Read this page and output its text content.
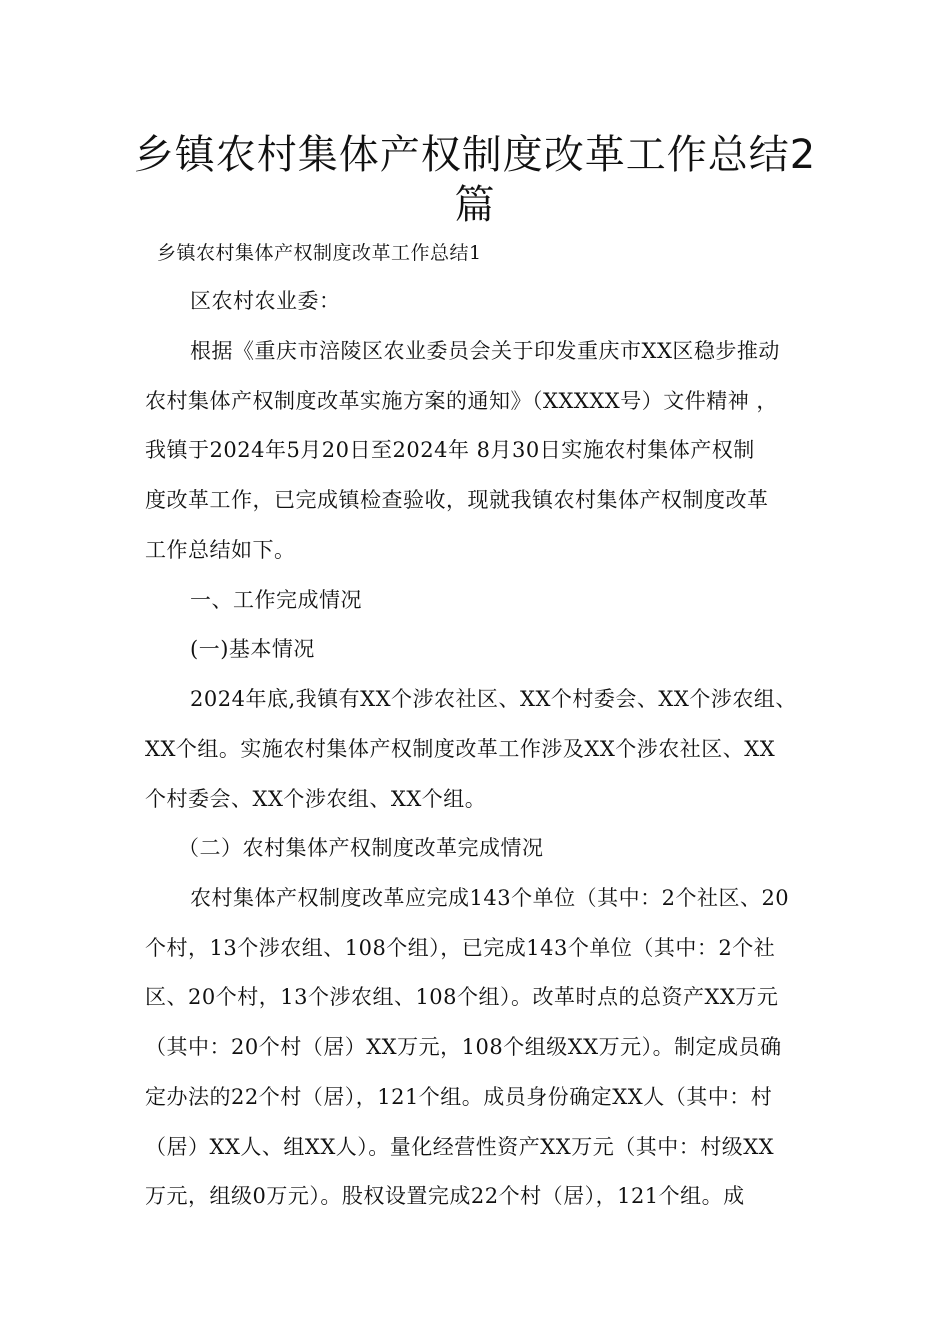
乡镇农村集体产权制度改革工作总结2
篇

乡镇农村集体产权制度改革工作总结1

区农村农业委：

根据《重庆市涪陵区农业委员会关于印发重庆市XX区稳步推动

农村集体产权制度改革实施方案的通知》（XXXXX号）文件精神 ，

我镇于2024年5月20日至2024年 8月30日实施农村集体产权制

度改革工作，已完成镇检查验收，现就我镇农村集体产权制度改革

工作总结如下。

一、工作完成情况

(一)基本情况

2024年底,我镇有XX个涉农社区、XX个村委会、XX个涉农组、

XX个组。实施农村集体产权制度改革工作涉及XX个涉农社区、XX

个村委会、XX个涉农组、XX个组。

（二）农村集体产权制度改革完成情况

农村集体产权制度改革应完成143个单位（其中：2个社区、20

个村，13个涉农组、108个组），已完成143个单位（其中：2个社

区、20个村，13个涉农组、108个组）。改革时点的总资产XX万元

（其中：20个村（居）XX万元，108个组级XX万元）。制定成员确

定办法的22个村（居），121个组。成员身份确定XX人（其中：村

（居）XX人、组XX人）。量化经营性资产XX万元（其中：村级XX

万元，组级0万元）。股权设置完成22个村（居），121个组。成
